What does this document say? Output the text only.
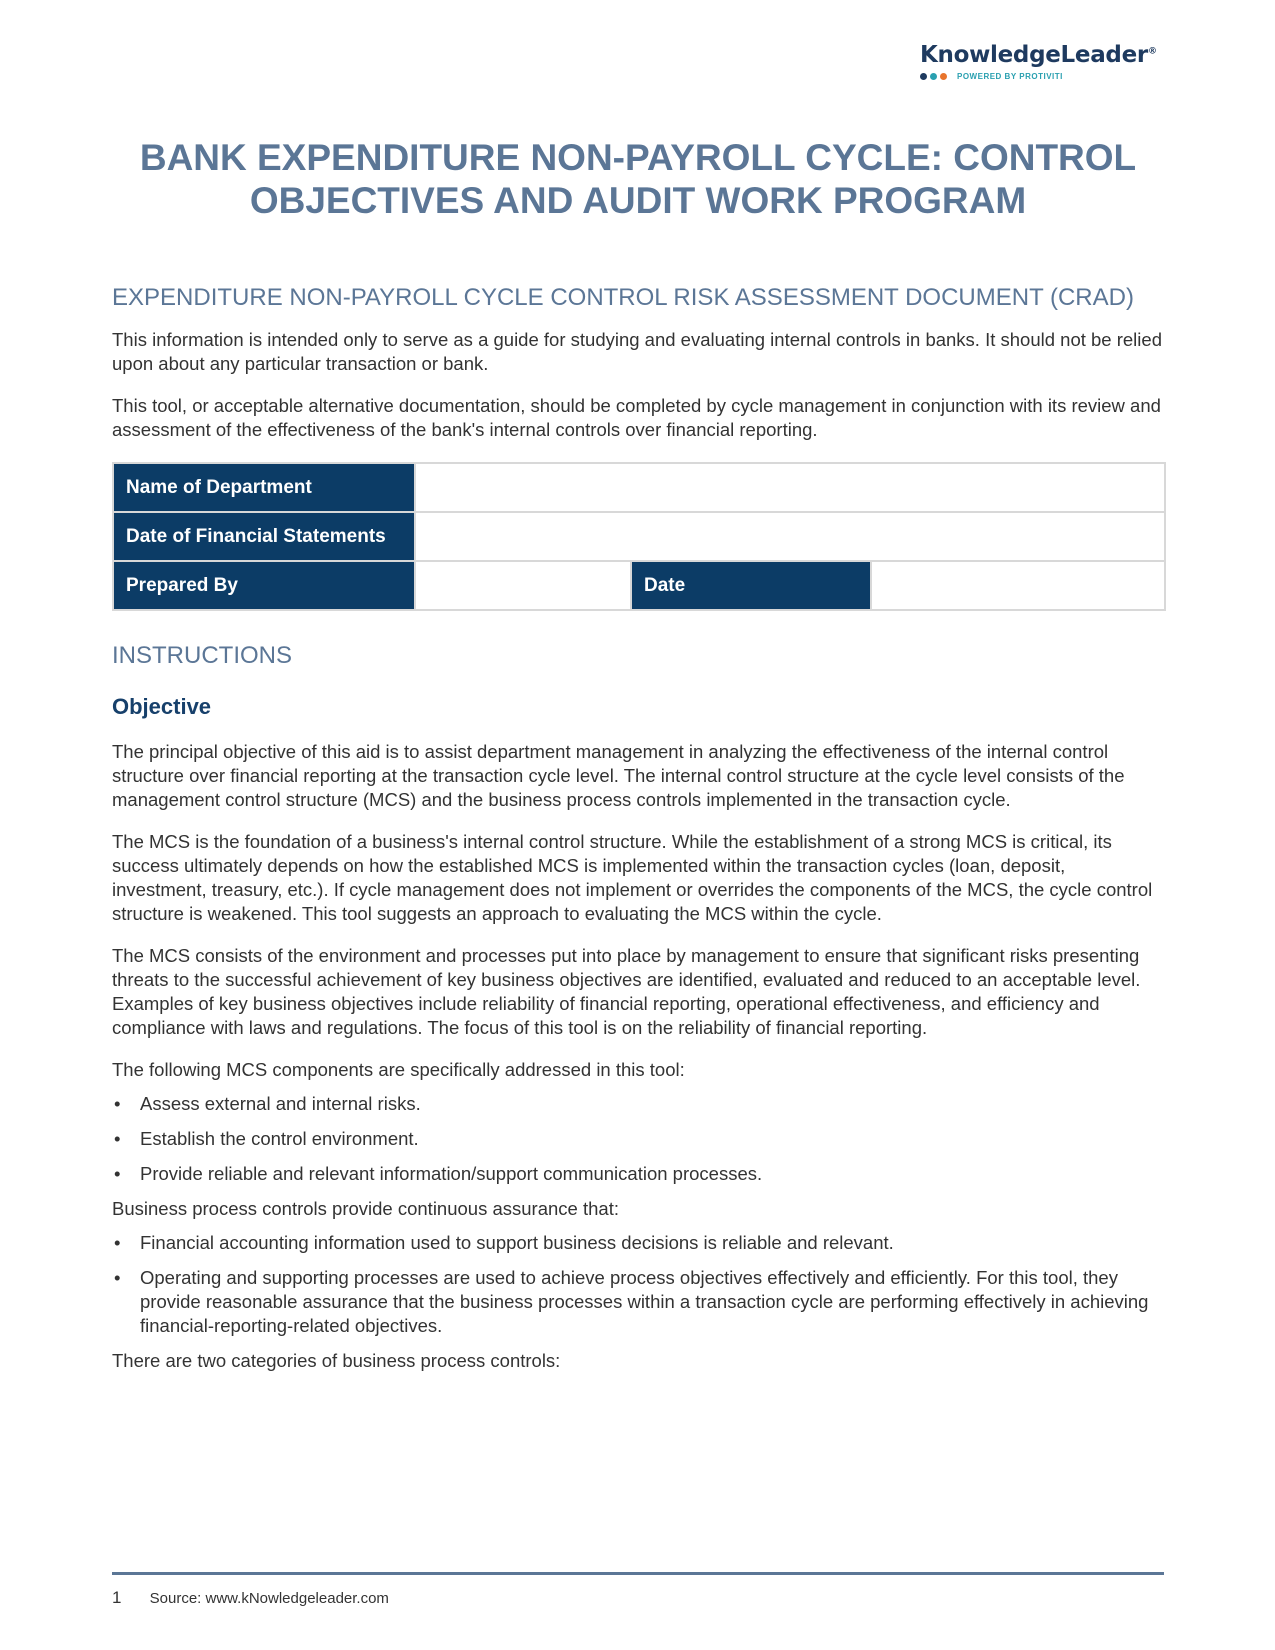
KnowledgeLeader®
POWERED BY PROTIVITI
BANK EXPENDITURE NON-PAYROLL CYCLE: CONTROL OBJECTIVES AND AUDIT WORK PROGRAM
EXPENDITURE NON-PAYROLL CYCLE CONTROL RISK ASSESSMENT DOCUMENT (CRAD)

This information is intended only to serve as a guide for studying and evaluating internal controls in banks. It should not be relied upon about any particular transaction or bank.

This tool, or acceptable alternative documentation, should be completed by cycle management in conjunction with its review and assessment of the effectiveness of the bank's internal controls over financial reporting.

Name of Department			
Date of Financial Statements			
Prepared By		Date	
INSTRUCTIONS
Objective

The principal objective of this aid is to assist department management in analyzing the effectiveness of the internal control structure over financial reporting at the transaction cycle level. The internal control structure at the cycle level consists of the management control structure (MCS) and the business process controls implemented in the transaction cycle.

The MCS is the foundation of a business's internal control structure. While the establishment of a strong MCS is critical, its success ultimately depends on how the established MCS is implemented within the transaction cycles (loan, deposit, investment, treasury, etc.). If cycle management does not implement or overrides the components of the MCS, the cycle control structure is weakened. This tool suggests an approach to evaluating the MCS within the cycle.

The MCS consists of the environment and processes put into place by management to ensure that significant risks presenting threats to the successful achievement of key business objectives are identified, evaluated and reduced to an acceptable level. Examples of key business objectives include reliability of financial reporting, operational effectiveness, and efficiency and compliance with laws and regulations. The focus of this tool is on the reliability of financial reporting.

The following MCS components are specifically addressed in this tool:

• Assess external and internal risks.
• Establish the control environment.
• Provide reliable and relevant information/support communication processes.

Business process controls provide continuous assurance that:

• Financial accounting information used to support business decisions is reliable and relevant.
• Operating and supporting processes are used to achieve process objectives effectively and efficiently. For this tool, they provide reasonable assurance that the business processes within a transaction cycle are performing effectively in achieving financial-reporting-related objectives.

There are two categories of business process controls:

1 Source: www.kNowledgeleader.com
